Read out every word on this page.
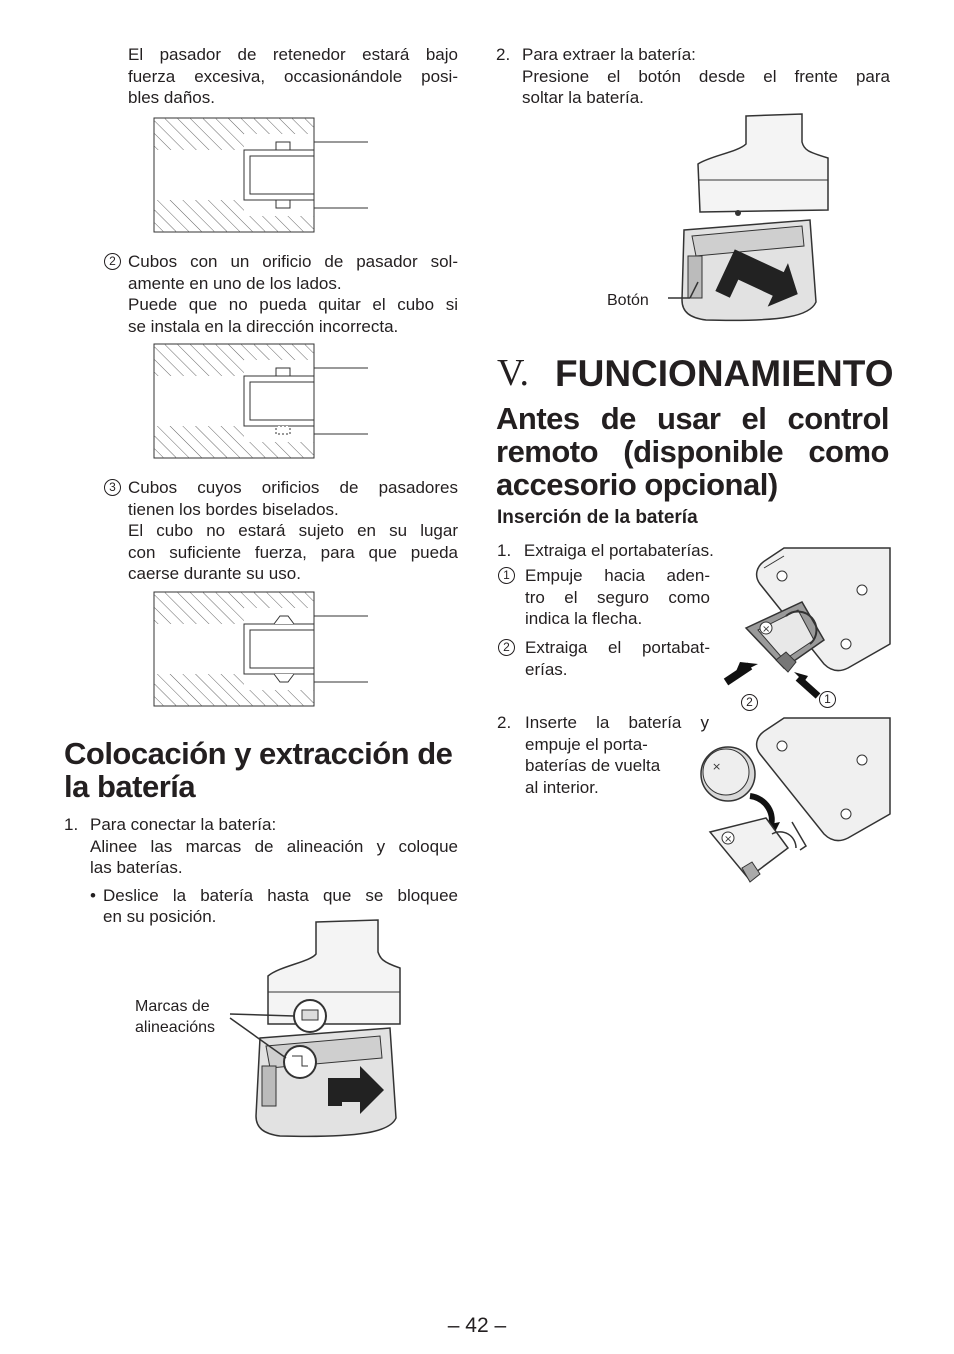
El pasador de retenedor estará bajo
fuerza excesiva, occasionándole posi-
bles daños.
2 Cubos con un orificio de pasador sol-
amente en uno de los lados.
Puede que no pueda quitar el cubo si
se instala en la dirección incorrecta.
3 Cubos cuyos orificios de pasadores
tienen los bordes biselados.
El cubo no estará sujeto en su lugar
con suficiente fuerza, para que pueda
caerse durante su uso.
Colocación y extracción de
la batería
1. Para conectar la batería:
Alinee las marcas de alineación y coloque
las baterías.
• Deslice la batería hasta que se bloquee
en su posición.
Marcas de
alineacións
2. Para extraer la batería:
Presione el botón desde el frente para
soltar la batería.
Botón
V. FUNCIONAMIENTO
Antes de usar el control
remoto (disponible como
accesorio opcional)
Inserción de la batería
1. Extraiga el portabaterías.
1 Empuje hacia aden-
tro el seguro como
indica la flecha.
2 Extraiga el portabat-
erías.
2. Inserte la batería y
empuje el porta-
baterías de vuelta
al interior.
×
2	1
×
×
– 42 –
